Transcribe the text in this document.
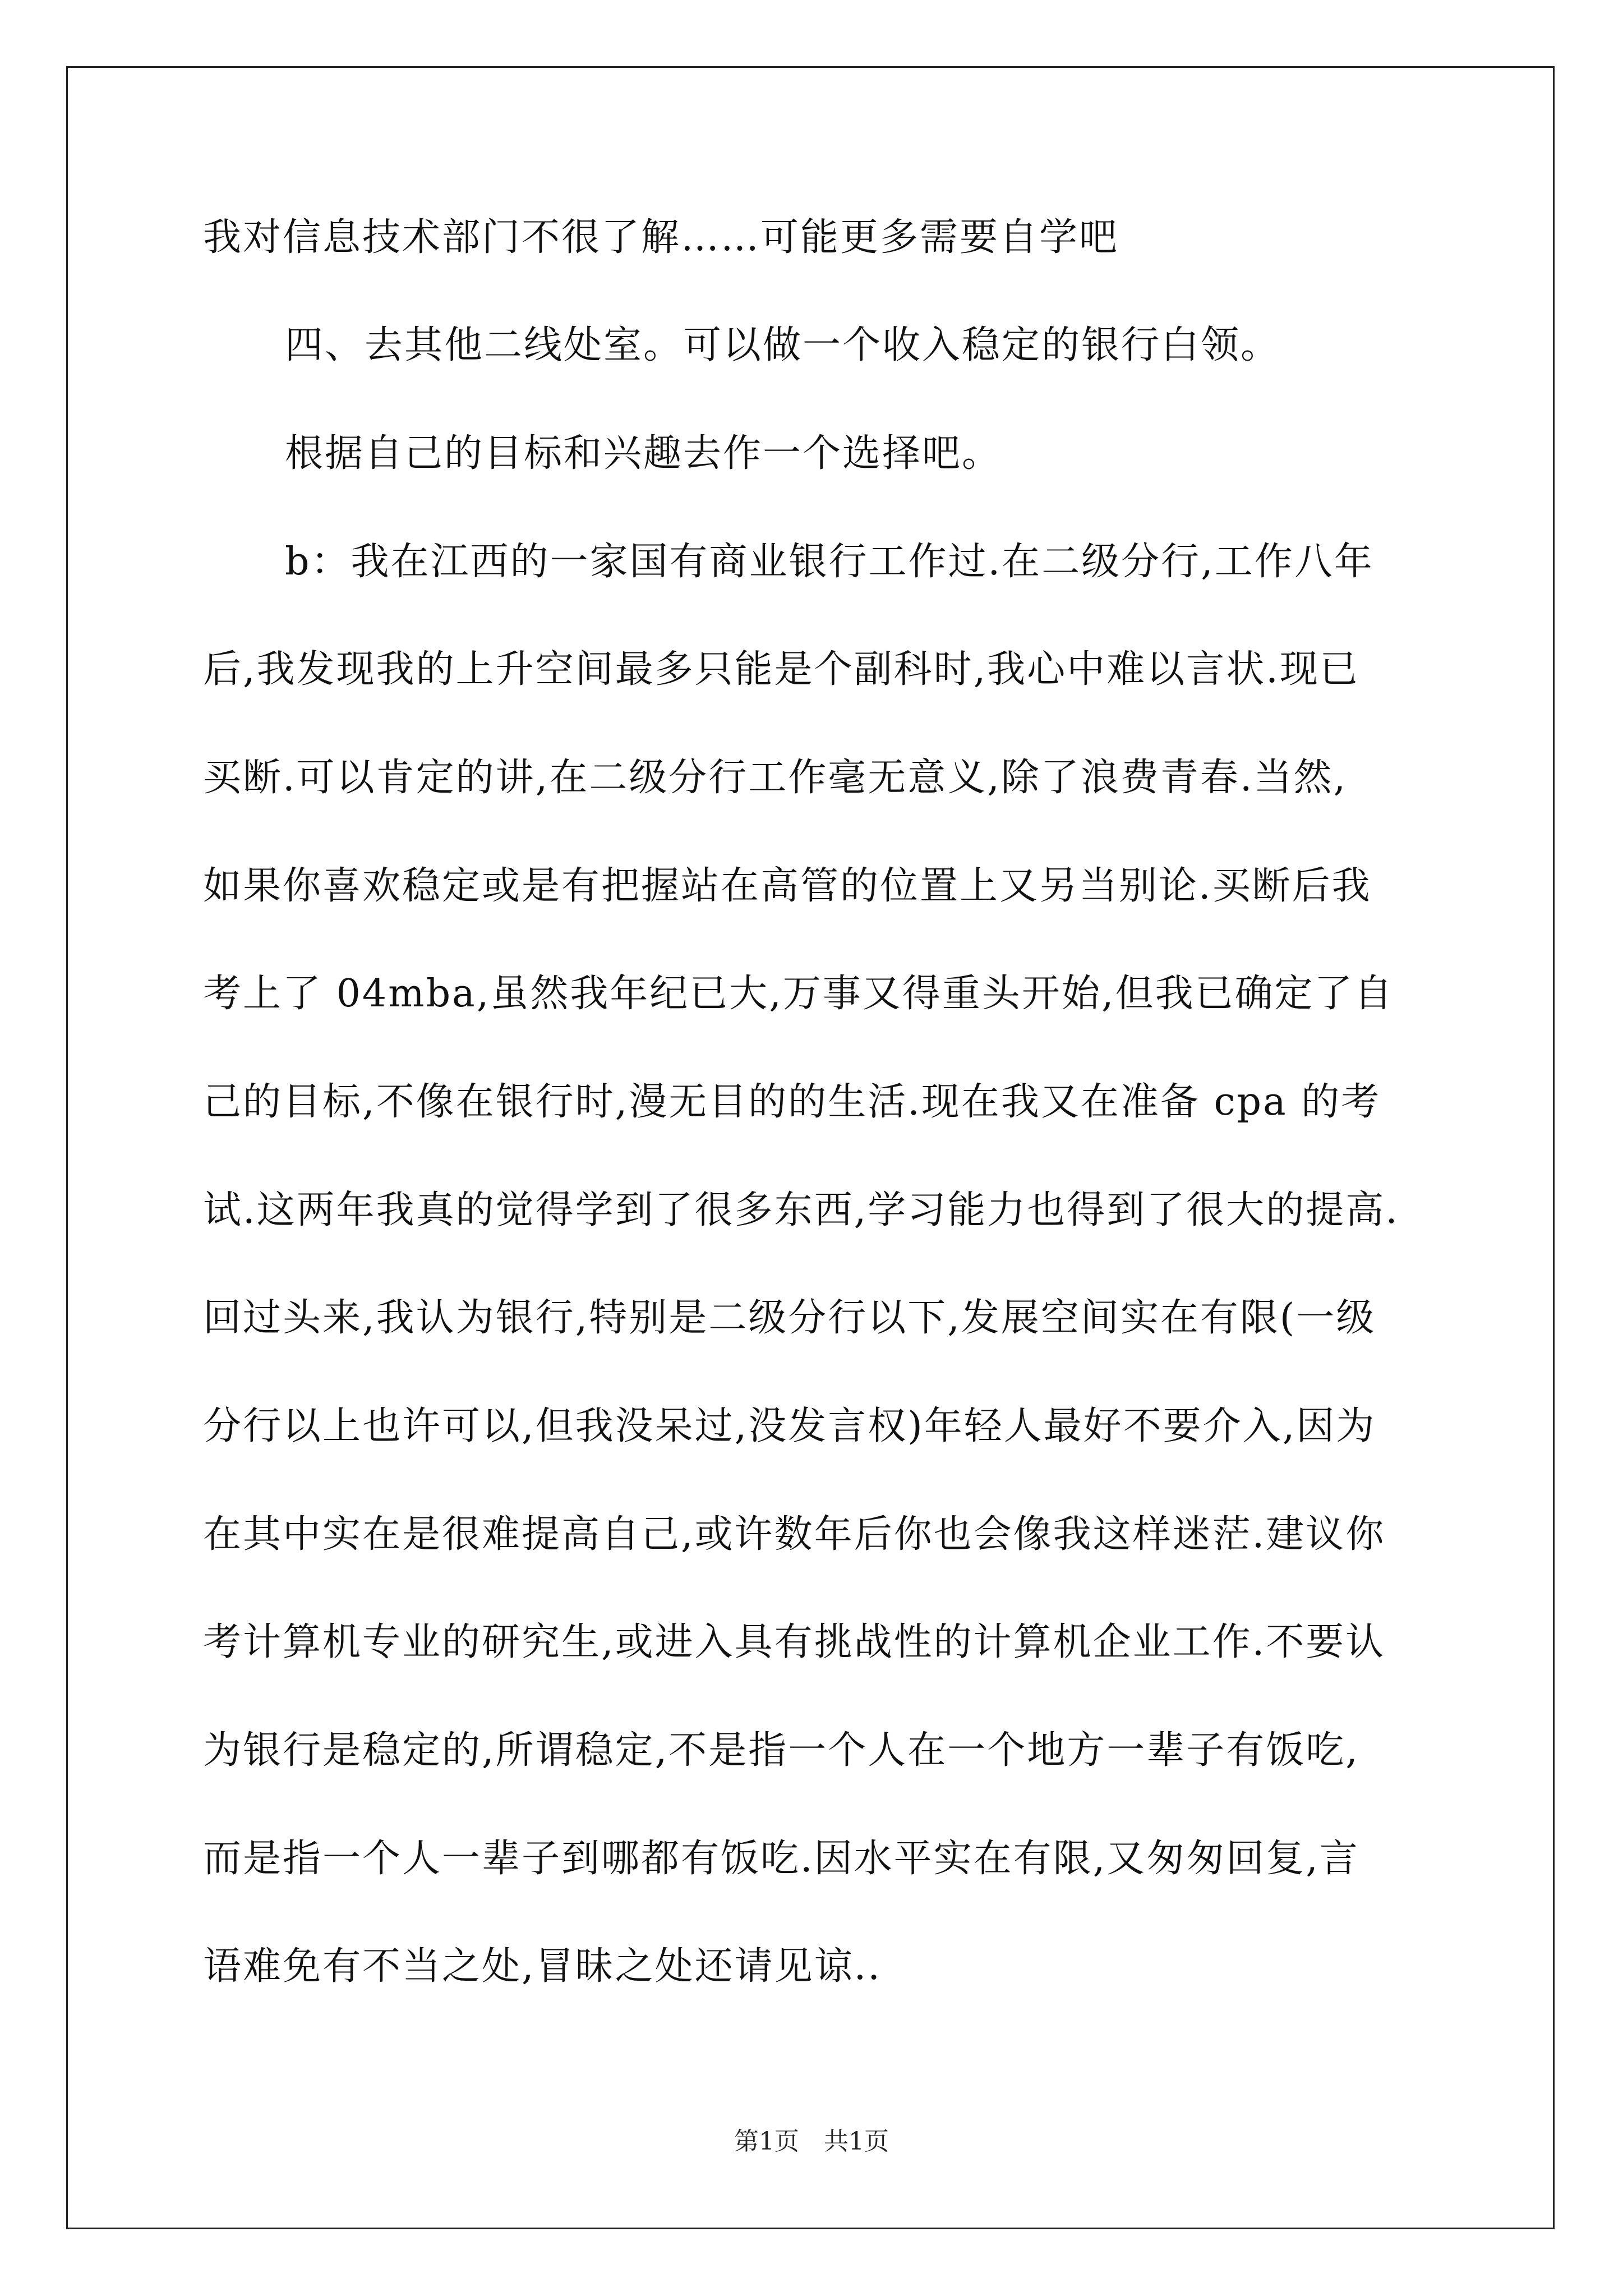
我对信息技术部门不很了解……可能更多需要自学吧
四、去其他二线处室。可以做一个收入稳定的银行白领。
根据自己的目标和兴趣去作一个选择吧。
b：我在江西的一家国有商业银行工作过.在二级分行,工作八年
后,我发现我的上升空间最多只能是个副科时,我心中难以言状.现已
买断.可以肯定的讲,在二级分行工作毫无意义,除了浪费青春.当然,
如果你喜欢稳定或是有把握站在高管的位置上又另当别论.买断后我
考上了 04mba,虽然我年纪已大,万事又得重头开始,但我已确定了自
己的目标,不像在银行时,漫无目的的生活.现在我又在准备 cpa 的考
试.这两年我真的觉得学到了很多东西,学习能力也得到了很大的提高.
回过头来,我认为银行,特别是二级分行以下,发展空间实在有限(一级
分行以上也许可以,但我没呆过,没发言权)年轻人最好不要介入,因为
在其中实在是很难提高自己,或许数年后你也会像我这样迷茫.建议你
考计算机专业的研究生,或进入具有挑战性的计算机企业工作.不要认
为银行是稳定的,所谓稳定,不是指一个人在一个地方一辈子有饭吃,
而是指一个人一辈子到哪都有饭吃.因水平实在有限,又匆匆回复,言
语难免有不当之处,冒昧之处还请见谅..
第1页 共1页
